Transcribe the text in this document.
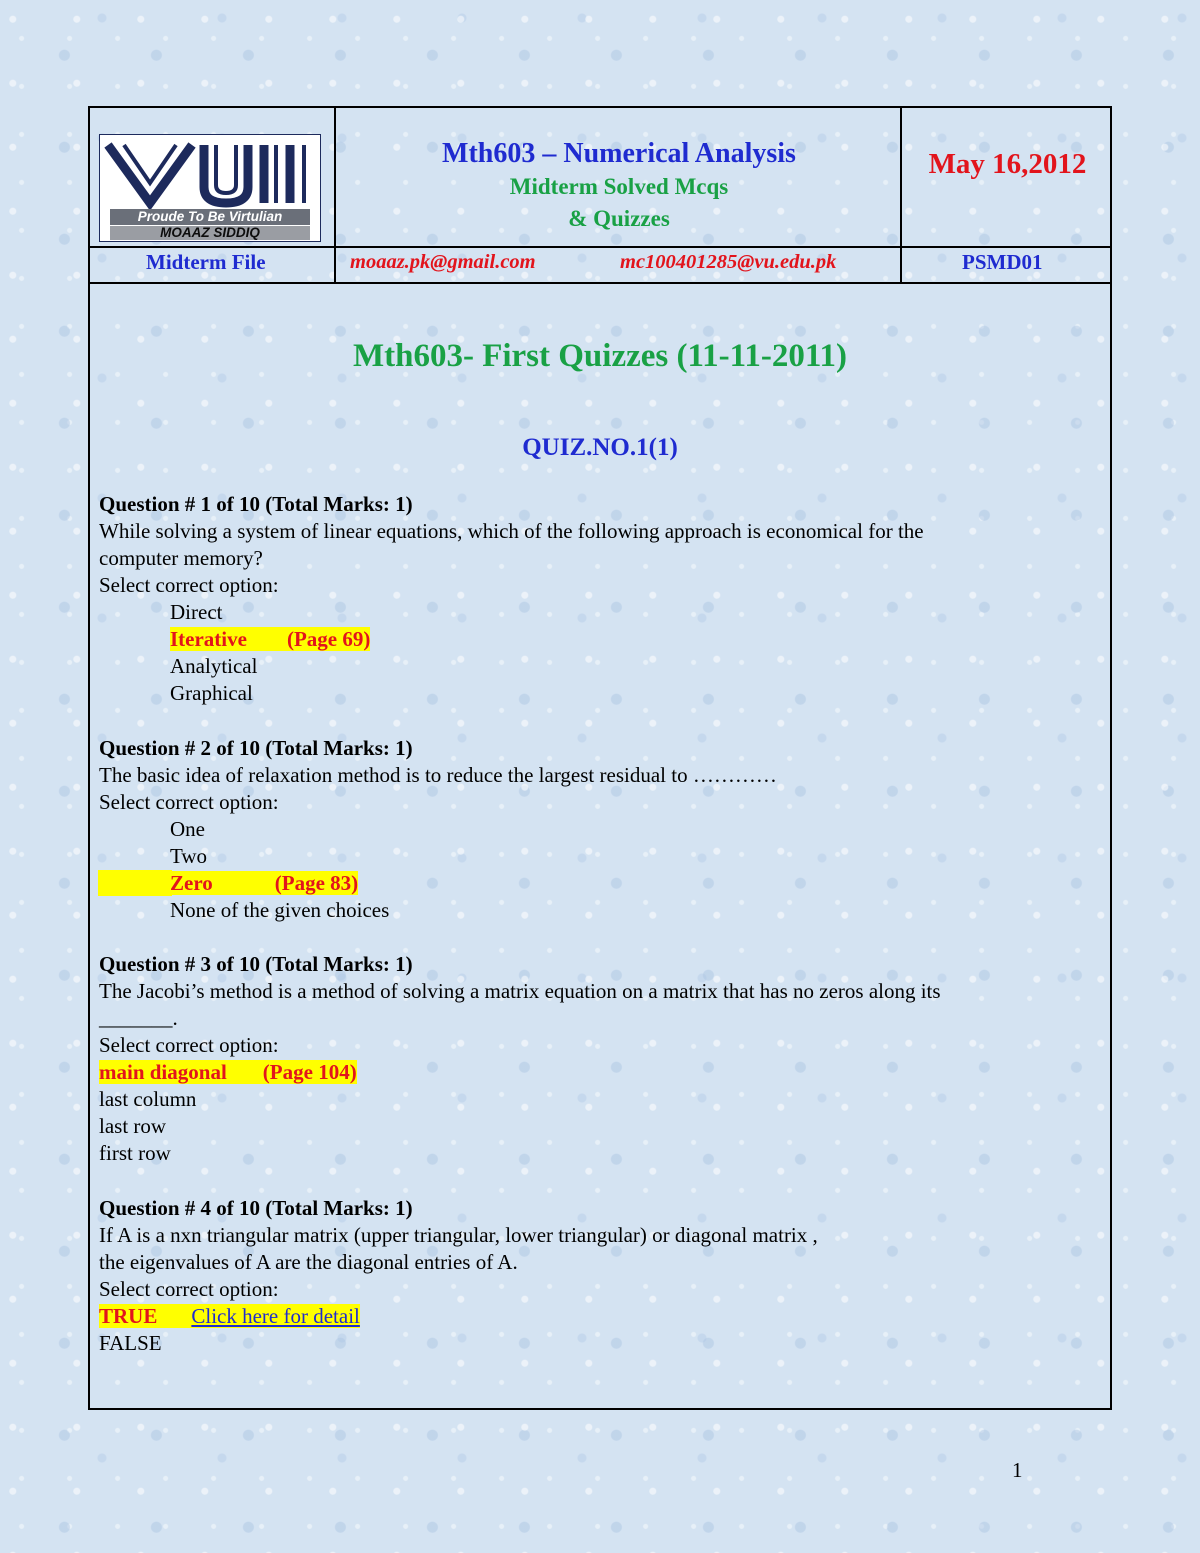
Proude To Be Virtulian
MOAAZ SIDDIQ
Mth603 – Numerical Analysis
Midterm Solved Mcqs
& Quizzes
May 16,2012
Midterm File	moaaz.pk@gmail.com	mc100401285@vu.edu.pk	PSMD01
Mth603- First Quizzes (11-11-2011)
QUIZ.NO.1(1)
Question # 1 of 10 (Total Marks: 1)
While solving a system of linear equations, which of the following approach is economical for the
computer memory?
Select correct option:
Direct
Iterative (Page 69)
Analytical
Graphical
Question # 2 of 10 (Total Marks: 1)
The basic idea of relaxation method is to reduce the largest residual to …………
Select correct option:
One
Two
Zero	(Page 83)
None of the given choices
Question # 3 of 10 (Total Marks: 1)
The Jacobi’s method is a method of solving a matrix equation on a matrix that has no zeros along its
_______.
Select correct option:
main diagonal (Page 104)
last column
last row
first row
Question # 4 of 10 (Total Marks: 1)
If A is a nxn triangular matrix (upper triangular, lower triangular) or diagonal matrix ,
the eigenvalues of A are the diagonal entries of A.
Select correct option:
TRUE Click here for detail
FALSE
1
